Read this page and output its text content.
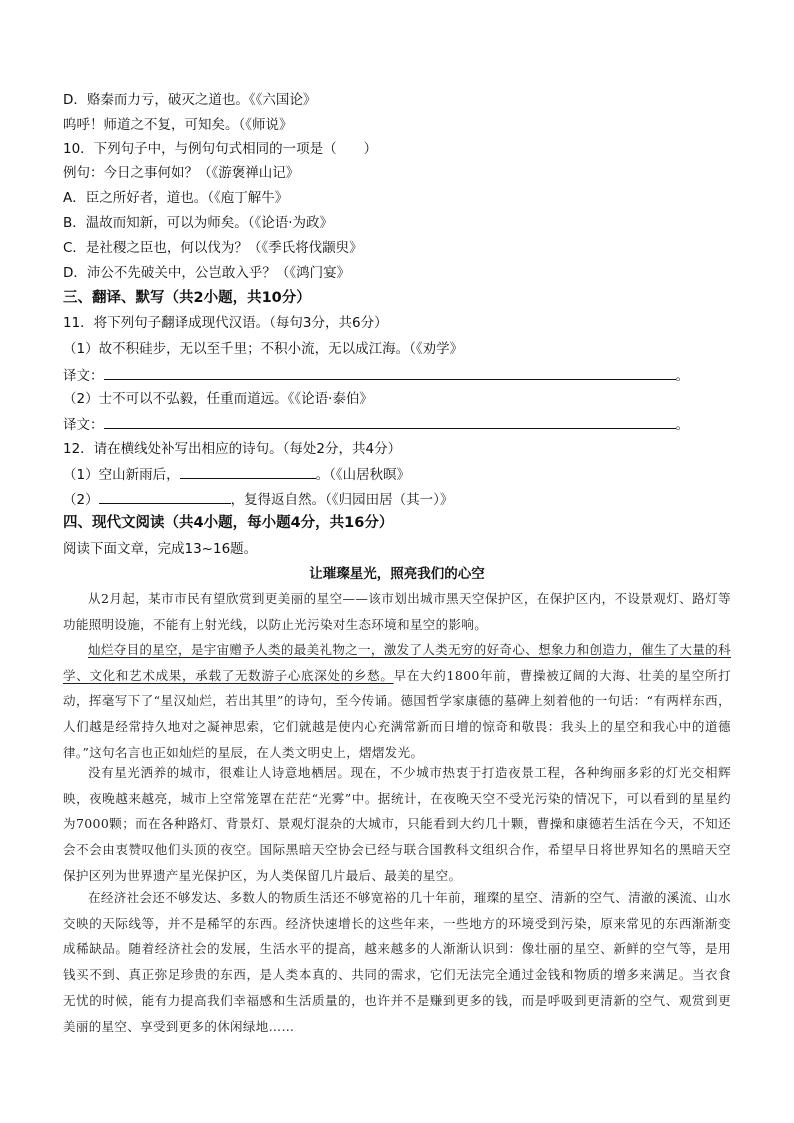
D．赂秦而力亏，破灭之道也。《《六国论》
呜呼！师道之不复，可知矣。（《师说》
10．下列句子中，与例句句式相同的一项是（　　）
例句：今日之事何如？（《游褒禅山记》
A．臣之所好者，道也。（《庖丁解牛》
B．温故而知新，可以为师矣。（《论语·为政》
C．是社稷之臣也，何以伐为？（《季氏将伐颛臾》
D．沛公不先破关中，公岂敢入乎？（《鸿门宴》
三、翻译、默写（共2小题，共10分）
11．将下列句子翻译成现代汉语。（每句3分，共6分）
（1）故不积硅步，无以至千里；不积小流，无以成江海。（《劝学》
译文：	。
（2）士不可以不弘毅，任重而道远。《《论语·泰伯》
译文：	。
12．请在横线处补写出相应的诗句。（每处2分，共4分）
（1）空山新雨后，	。（《山居秋暝》
（2）	，复得返自然。（《归园田居（其一）》
四、现代文阅读（共4小题，每小题4分，共16分）
阅读下面文章，完成13~16题。
让璀璨星光，照亮我们的心空
从2月起，某市市民有望欣赏到更美丽的星空——该市划出城市黑天空保护区，在保护区内，不设景观灯、路灯等功能照明设施，不能有上射光线，以防止光污染对生态环境和星空的影响。
灿烂夺目的星空，是宇宙赠予人类的最美礼物之一，激发了人类无穷的好奇心、想象力和创造力，催生了大量的科学、文化和艺术成果，承载了无数游子心底深处的乡愁。早在大约1800年前，曹操被辽阔的大海、壮美的星空所打动，挥毫写下了“星汉灿烂，若出其里”的诗句，至今传诵。德国哲学家康德的墓碑上刻着他的一句话：“有两样东西，人们越是经常持久地对之凝神思索，它们就越是使内心充满常新而日增的惊奇和敬畏：我头上的星空和我心中的道德律。”这句名言也正如灿烂的星辰，在人类文明史上，熠熠发光。
没有星光洒养的城市，很难让人诗意地栖居。现在，不少城市热衷于打造夜景工程，各种绚丽多彩的灯光交相辉映，夜晚越来越亮，城市上空常笼罩在茫茫“光雾”中。据统计，在夜晚天空不受光污染的情况下，可以看到的星星约为7000颗；而在各种路灯、背景灯、景观灯混杂的大城市，只能看到大约几十颗，曹操和康德若生活在今天，不知还会不会由衷赞叹他们头顶的夜空。国际黑暗天空协会已经与联合国教科文组织合作，希望早日将世界知名的黑暗天空保护区列为世界遗产星光保护区，为人类保留几片最后、最美的星空。
在经济社会还不够发达、多数人的物质生活还不够宽裕的几十年前，璀璨的星空、清新的空气、清澈的溪流、山水交映的天际线等，并不是稀罕的东西。经济快速增长的这些年来，一些地方的环境受到污染，原来常见的东西渐渐变成稀缺品。随着经济社会的发展，生活水平的提高，越来越多的人渐渐认识到：像壮丽的星空、新鲜的空气等，是用钱买不到、真正弥足珍贵的东西，是人类本真的、共同的需求，它们无法完全通过金钱和物质的增多来满足。当衣食无忧的时候，能有力提高我们幸福感和生活质量的，也许并不是赚到更多的钱，而是呼吸到更清新的空气、观赏到更美丽的星空、享受到更多的休闲绿地……
